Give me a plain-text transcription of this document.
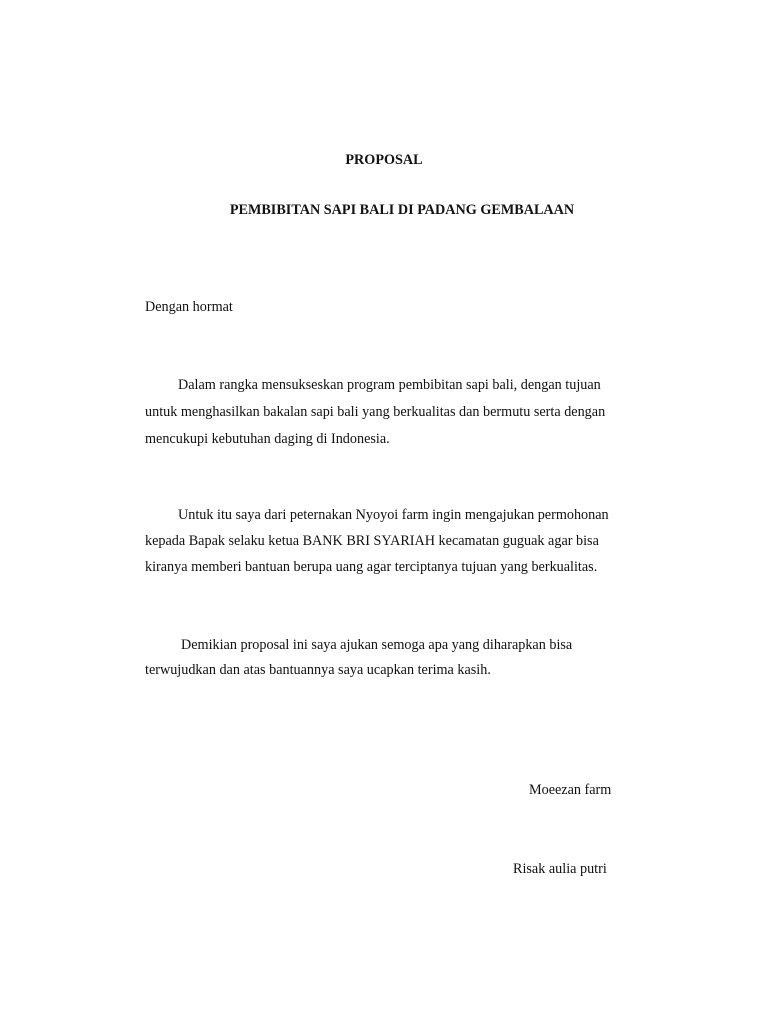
PROPOSAL
PEMBIBITAN SAPI BALI DI PADANG GEMBALAAN
Dengan hormat
Dalam rangka mensukseskan program pembibitan sapi bali, dengan tujuan
untuk menghasilkan bakalan sapi bali yang berkualitas dan bermutu serta dengan
mencukupi kebutuhan daging di Indonesia.
Untuk itu saya dari peternakan Nyoyoi farm ingin mengajukan permohonan
kepada Bapak selaku ketua BANK BRI SYARIAH kecamatan guguak agar bisa
kiranya memberi bantuan berupa uang agar terciptanya tujuan yang berkualitas.
Demikian proposal ini saya ajukan semoga apa yang diharapkan bisa
terwujudkan dan atas bantuannya saya ucapkan terima kasih.
Moeezan farm
Risak aulia putri
